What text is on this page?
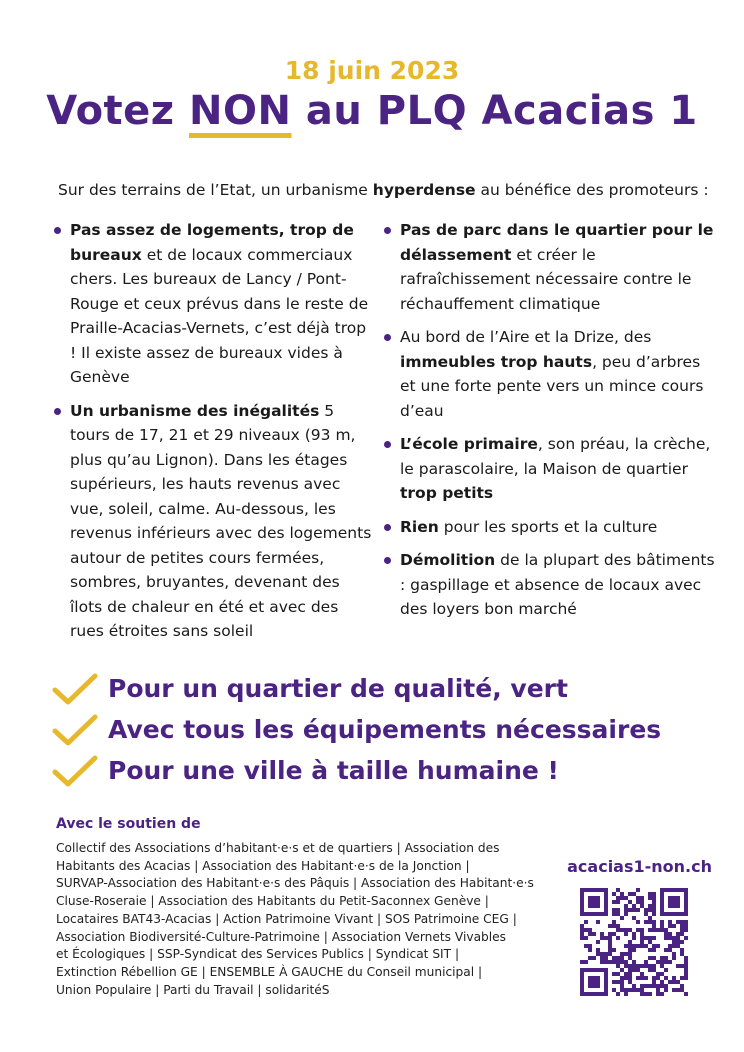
18 juin 2023
Votez NON au PLQ Acacias 1
Sur des terrains de l’Etat, un urbanisme hyperdense au bénéfice des promoteurs :
Pas assez de logements, trop de bureaux et de locaux commerciaux chers. Les bureaux de Lancy / Pont-Rouge et ceux prévus dans le reste de Praille-Acacias-Vernets, c’est déjà trop ! Il existe assez de bureaux vides à Genève
Un urbanisme des inégalités 5 tours de 17, 21 et 29 niveaux (93 m, plus qu’au Lignon). Dans les étages supérieurs, les hauts revenus avec vue, soleil, calme. Au-dessous, les revenus inférieurs avec des logements autour de petites cours fermées, sombres, bruyantes, devenant des îlots de chaleur en été et avec des rues étroites sans soleil
Pas de parc dans le quartier pour le délassement et créer le rafraîchissement nécessaire contre le réchauffement climatique
Au bord de l’Aire et la Drize, des immeubles trop hauts, peu d’arbres et une forte pente vers un mince cours d’eau
L’école primaire, son préau, la crèche, le parascolaire, la Maison de quartier trop petits
Rien pour les sports et la culture
Démolition de la plupart des bâtiments : gaspillage et absence de locaux avec des loyers bon marché
Pour un quartier de qualité, vert
Avec tous les équipements nécessaires
Pour une ville à taille humaine !
Avec le soutien de
Collectif des Associations d’habitant·e·s et de quartiers | Association des
Habitants des Acacias | Association des Habitant·e·s de la Jonction |
SURVAP-Association des Habitant·e·s des Pâquis | Association des Habitant·e·s
Cluse-Roseraie | Association des Habitants du Petit-Saconnex Genève |
Locataires BAT43-Acacias | Action Patrimoine Vivant | SOS Patrimoine CEG |
Association Biodiversité-Culture-Patrimoine | Association Vernets Vivables
et Écologiques | SSP-Syndicat des Services Publics | Syndicat SIT |
Extinction Rébellion GE | ENSEMBLE À GAUCHE du Conseil municipal |
Union Populaire | Parti du Travail | solidaritéS
acacias1-non.ch
